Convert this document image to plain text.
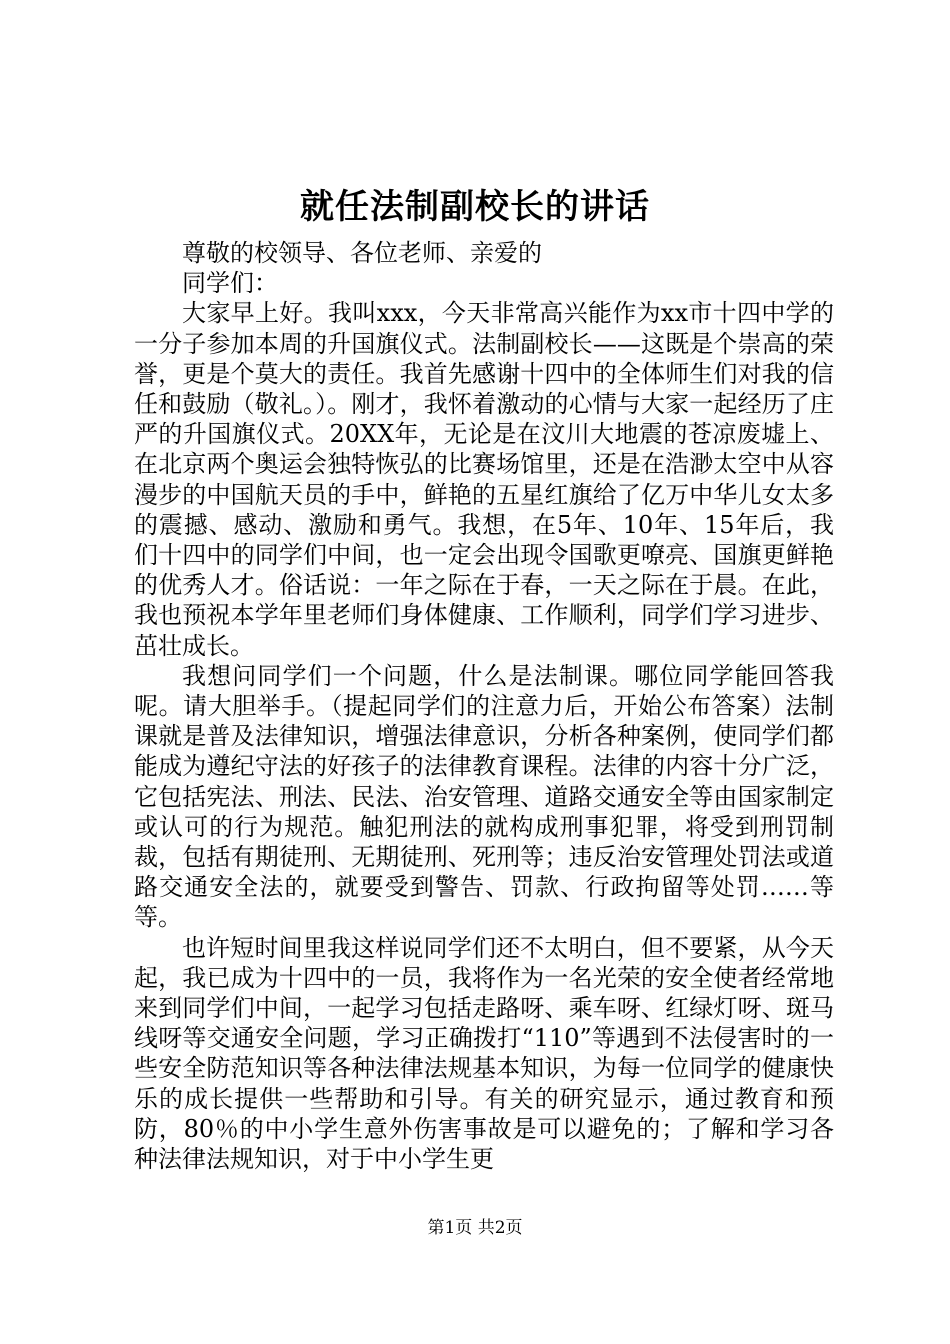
就任法制副校长的讲话

尊敬的校领导、各位老师、亲爱的

同学们：

大家早上好。我叫xxx，今天非常高兴能作为xx市十四中学的一分子参加本周的升国旗仪式。法制副校长——这既是个崇高的荣誉，更是个莫大的责任。我首先感谢十四中的全体师生们对我的信任和鼓励（敬礼。）。刚才，我怀着激动的心情与大家一起经历了庄严的升国旗仪式。20XX年，无论是在汶川大地震的苍凉废墟上、在北京两个奥运会独特恢弘的比赛场馆里，还是在浩渺太空中从容漫步的中国航天员的手中，鲜艳的五星红旗给了亿万中华儿女太多的震撼、感动、激励和勇气。我想，在5年、10年、15年后，我们十四中的同学们中间，也一定会出现令国歌更嘹亮、国旗更鲜艳的优秀人才。俗话说：一年之际在于春，一天之际在于晨。在此，我也预祝本学年里老师们身体健康、工作顺利，同学们学习进步、茁壮成长。

我想问同学们一个问题，什么是法制课。哪位同学能回答我呢。请大胆举手。（提起同学们的注意力后，开始公布答案）法制课就是普及法律知识，增强法律意识，分析各种案例，使同学们都能成为遵纪守法的好孩子的法律教育课程。法律的内容十分广泛，它包括宪法、刑法、民法、治安管理、道路交通安全等由国家制定或认可的行为规范。触犯刑法的就构成刑事犯罪，将受到刑罚制裁，包括有期徒刑、无期徒刑、死刑等；违反治安管理处罚法或道路交通安全法的，就要受到警告、罚款、行政拘留等处罚……等等。

也许短时间里我这样说同学们还不太明白，但不要紧，从今天起，我已成为十四中的一员，我将作为一名光荣的安全使者经常地来到同学们中间，一起学习包括走路呀、乘车呀、红绿灯呀、斑马线呀等交通安全问题，学习正确拨打“110”等遇到不法侵害时的一些安全防范知识等各种法律法规基本知识，为每一位同学的健康快乐的成长提供一些帮助和引导。有关的研究显示，通过教育和预防，80％的中小学生意外伤害事故是可以避免的；了解和学习各种法律法规知识，对于中小学生更

第1页 共2页
